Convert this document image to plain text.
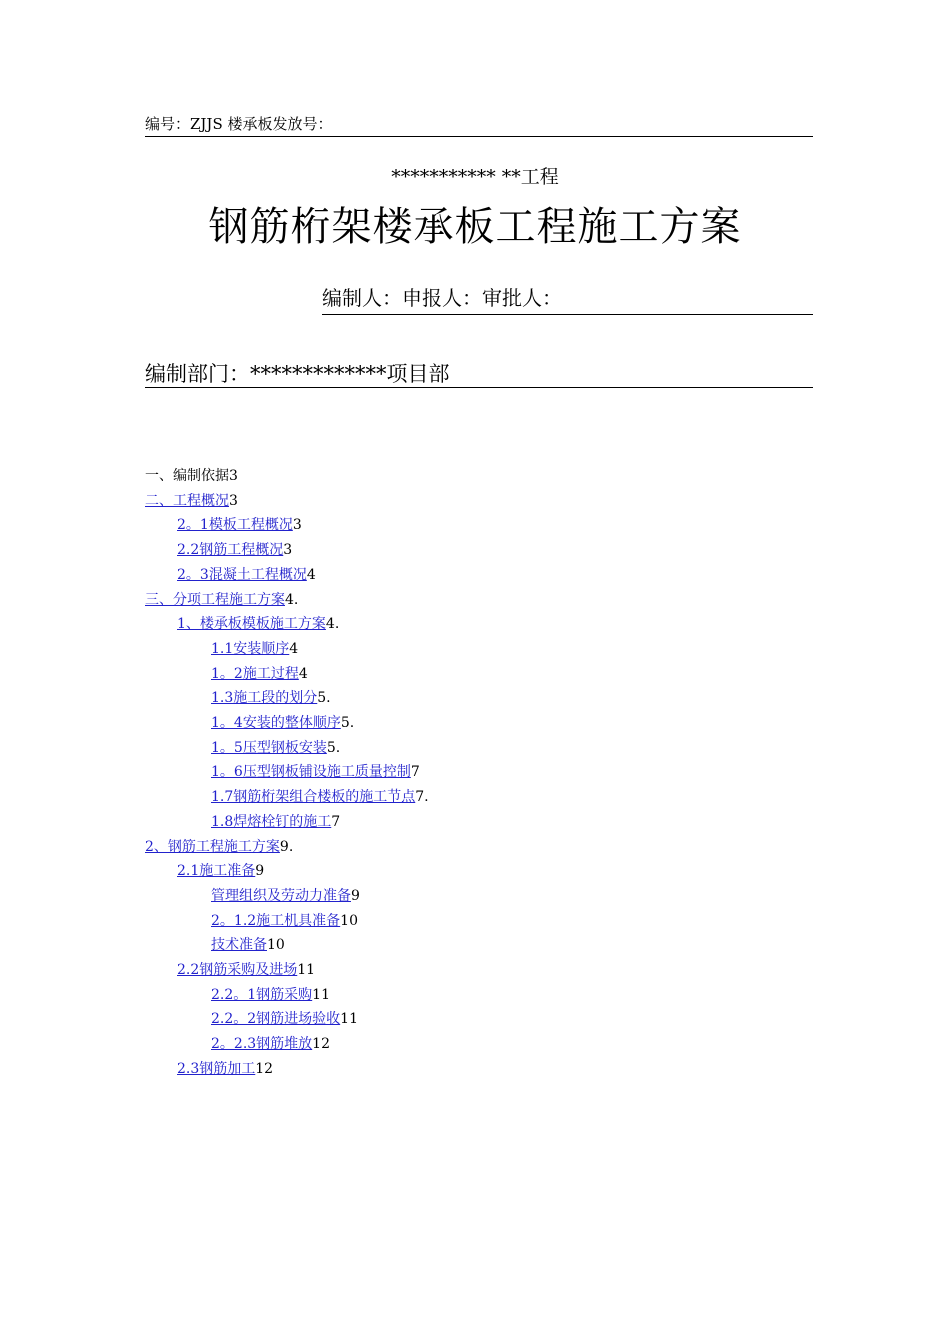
编号：ZJJS 楼承板发放号：
*********** **工程
钢筋桁架楼承板工程施工方案
编制人：申报人：审批人：
编制部门：*************项目部
一、编制依据3
二、工程概况3
2。1模板工程概况3
2.2钢筋工程概况3
2。3混凝土工程概况4
三、分项工程施工方案4.
1、楼承板模板施工方案4.
1.1安装顺序4
1。2施工过程4
1.3施工段的划分5.
1。4安装的整体顺序5.
1。5压型钢板安装5.
1。6压型钢板铺设施工质量控制7
1.7钢筋桁架组合楼板的施工节点7.
1.8焊熔栓钉的施工7
2、钢筋工程施工方案9.
2.1施工准备9
管理组织及劳动力准备9
2。1.2施工机具准备10
技术准备10
2.2钢筋采购及进场11
2.2。1钢筋采购11
2.2。2钢筋进场验收11
2。2.3钢筋堆放12
2.3钢筋加工12
